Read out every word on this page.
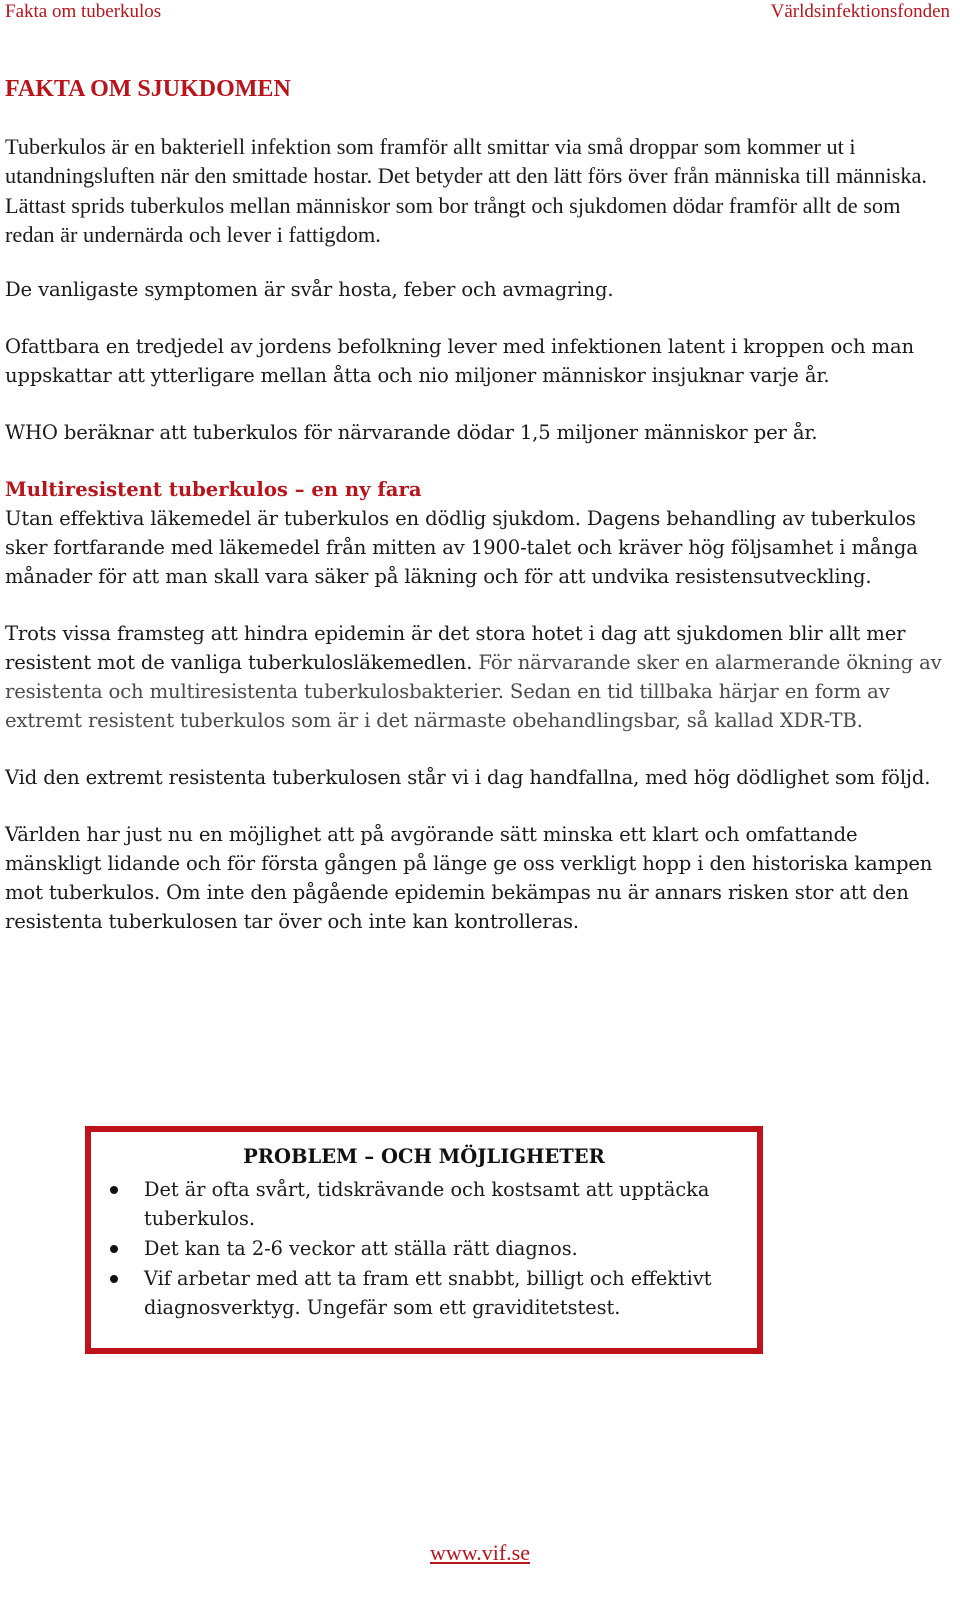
Fakta om tuberkulos	Världsinfektionsfonden
FAKTA OM SJUKDOMEN

Tuberkulos är en bakteriell infektion som framför allt smittar via små droppar som kommer ut i utandningsluften när den smittade hostar. Det betyder att den lätt förs över från människa till människa. Lättast sprids tuberkulos mellan människor som bor trångt och sjukdomen dödar framför allt de som redan är undernärda och lever i fattigdom.

De vanligaste symptomen är svår hosta, feber och avmagring.

Ofattbara en tredjedel av jordens befolkning lever med infektionen latent i kroppen och man uppskattar att ytterligare mellan åtta och nio miljoner människor insjuknar varje år.

WHO beräknar att tuberkulos för närvarande dödar 1,5 miljoner människor per år.

Multiresistent tuberkulos – en ny fara

Utan effektiva läkemedel är tuberkulos en dödlig sjukdom. Dagens behandling av tuberkulos sker fortfarande med läkemedel från mitten av 1900-talet och kräver hög följsamhet i många månader för att man skall vara säker på läkning och för att undvika resistensutveckling.

Trots vissa framsteg att hindra epidemin är det stora hotet i dag att sjukdomen blir allt mer resistent mot de vanliga tuberkulosläkemedlen. För närvarande sker en alarmerande ökning av resistenta och multiresistenta tuberkulosbakterier. Sedan en tid tillbaka härjar en form av extremt resistent tuberkulos som är i det närmaste obehandlingsbar, så kallad XDR-TB.

Vid den extremt resistenta tuberkulosen står vi i dag handfallna, med hög dödlighet som följd.

Världen har just nu en möjlighet att på avgörande sätt minska ett klart och omfattande mänskligt lidande och för första gången på länge ge oss verkligt hopp i den historiska kampen mot tuberkulos. Om inte den pågående epidemin bekämpas nu är annars risken stor att den resistenta tuberkulosen tar över och inte kan kontrolleras.

PROBLEM – OCH MÖJLIGHETER
Det är ofta svårt, tidskrävande och kostsamt att upptäcka tuberkulos.
Det kan ta 2-6 veckor att ställa rätt diagnos.
Vif arbetar med att ta fram ett snabbt, billigt och effektivt diagnosverktyg. Ungefär som ett graviditetstest.
www.vif.se
